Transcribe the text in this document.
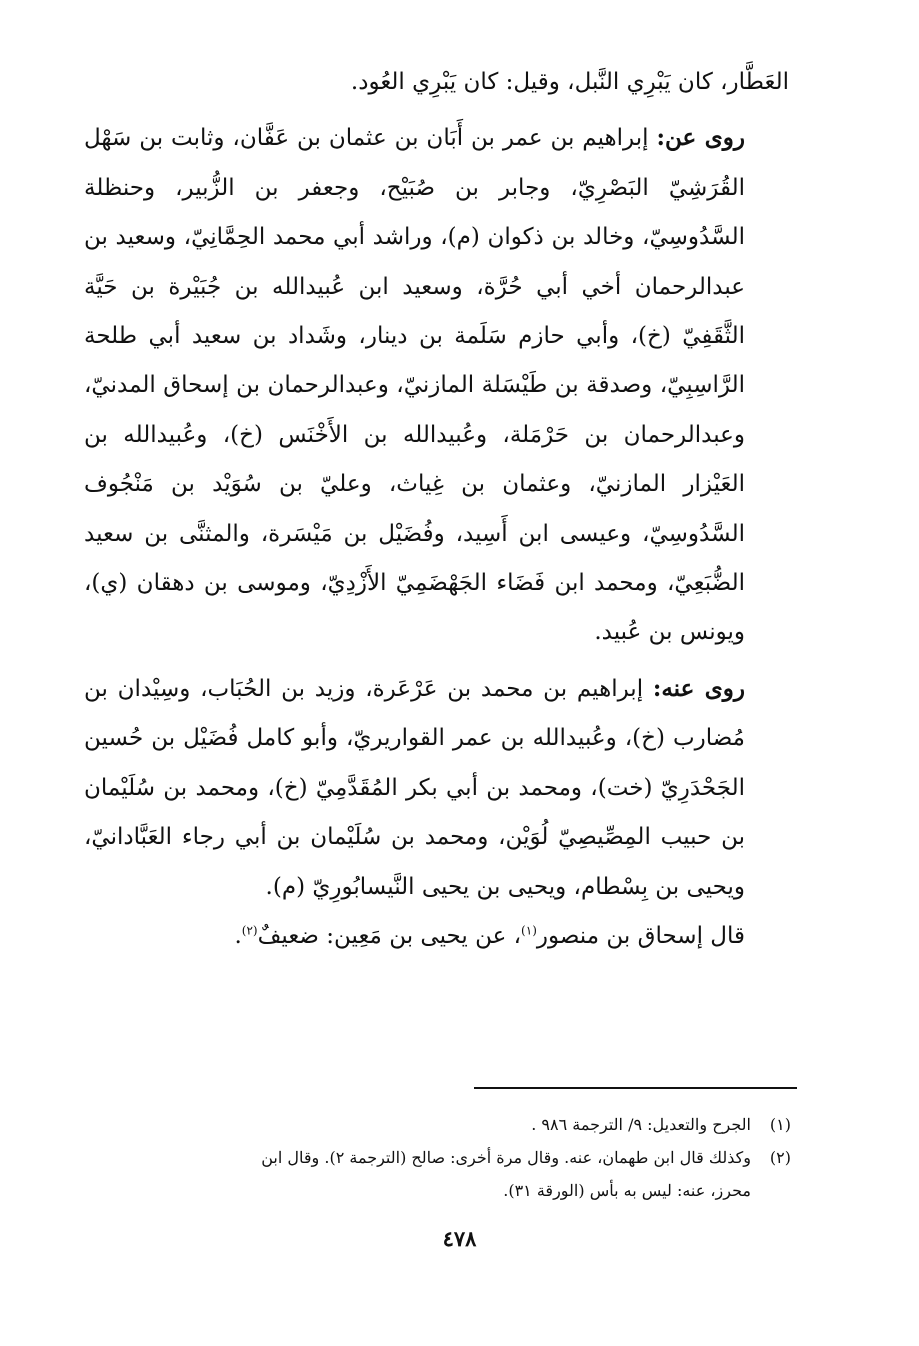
العَطَّار، كان يَبْرِي النَّبل، وقيل: كان يَبْرِي العُود.

روى عن: إبراهيم بن عمر بن أَبَان بن عثمان بن عَفَّان، وثابت بن سَهْل القُرَشِيّ البَصْرِيّ، وجابر بن صُبَيْح، وجعفر بن الزُّبير، وحنظلة السَّدُوسِيّ، وخالد بن ذكوان (م)، وراشد أبي محمد الحِمَّانِيّ، وسعيد بن عبدالرحمان أخي أبي حُرَّة، وسعيد ابن عُبيدالله بن جُبَيْرة بن حَيَّة الثَّقَفِيّ (خ)، وأبي حازم سَلَمة بن دينار، وشَداد بن سعيد أبي طلحة الرَّاسِبِيّ، وصدقة بن طَيْسَلة المازنيّ، وعبدالرحمان بن إسحاق المدنيّ، وعبدالرحمان بن حَرْمَلة، وعُبيدالله بن الأَخْنَس (خ)، وعُبيدالله بن العَيْزار المازنيّ، وعثمان بن غِياث، وعليّ بن سُوَيْد بن مَنْجُوف السَّدُوسِيّ، وعيسى ابن أَسِيد، وفُضَيْل بن مَيْسَرة، والمثنَّى بن سعيد الضُّبَعِيّ، ومحمد ابن فَضَاء الجَهْضَمِيّ الأَزْدِيّ، وموسى بن دهقان (ي)، ويونس بن عُبيد.

روى عنه: إبراهيم بن محمد بن عَرْعَرة، وزيد بن الحُبَاب، وسِيْدان بن مُضارب (خ)، وعُبيدالله بن عمر القواريريّ، وأبو كامل فُضَيْل بن حُسين الجَحْدَرِيّ (خت)، ومحمد بن أبي بكر المُقَدَّمِيّ (خ)، ومحمد بن سُلَيْمان بن حبيب المِصِّيصِيّ لُوَيْن، ومحمد بن سُلَيْمان بن أبي رجاء العَبَّادانيّ، ويحيى بن بِسْطام، ويحيى بن يحيى النَّيسابُورِيّ (م).

قال إسحاق بن منصور$^{(١)}$، عن يحيى بن مَعِين: ضعيفٌ$^{(٢)}$.

(١)الجرح والتعديل: ٩/ الترجمة ٩٨٦ .

(٢)وكذلك قال ابن طهمان، عنه. وقال مرة أخرى: صالح (الترجمة ٢). وقال ابن

محرز، عنه: ليس به بأس (الورقة ٣١).

٤٧٨
